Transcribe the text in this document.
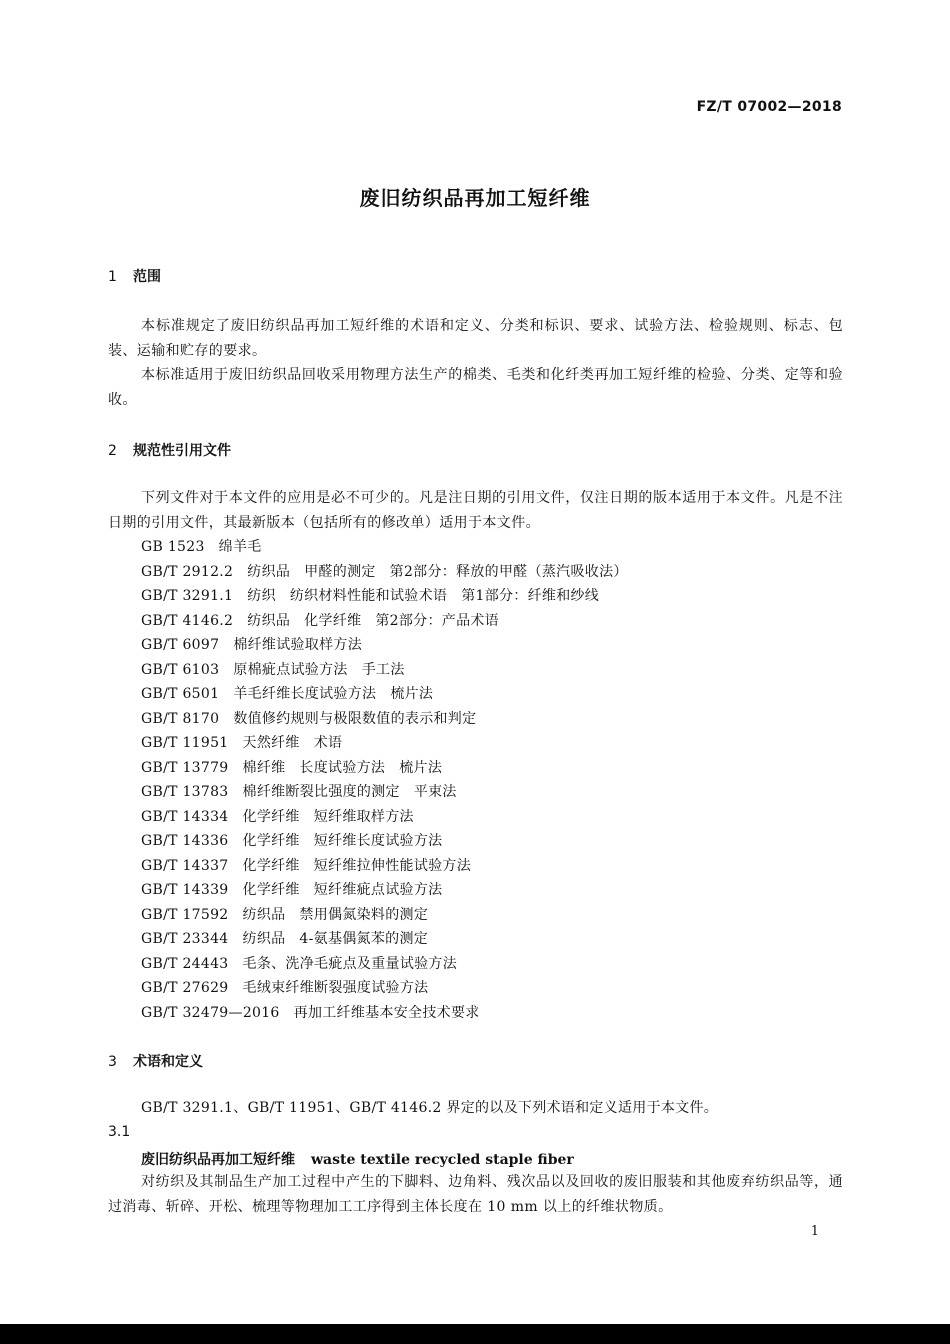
FZ/T 07002—2018
废旧纺织品再加工短纤维
1 范围
本标准规定了废旧纺织品再加工短纤维的术语和定义、分类和标识、要求、试验方法、检验规则、标志、包装、运输和贮存的要求。
本标准适用于废旧纺织品回收采用物理方法生产的棉类、毛类和化纤类再加工短纤维的检验、分类、定等和验收。
2 规范性引用文件
下列文件对于本文件的应用是必不可少的。凡是注日期的引用文件，仅注日期的版本适用于本文件。凡是不注日期的引用文件，其最新版本（包括所有的修改单）适用于本文件。
GB 1523 绵羊毛
GB/T 2912.2 纺织品 甲醛的测定 第2部分：释放的甲醛（蒸汽吸收法）
GB/T 3291.1 纺织 纺织材料性能和试验术语 第1部分：纤维和纱线
GB/T 4146.2 纺织品 化学纤维 第2部分：产品术语
GB/T 6097 棉纤维试验取样方法
GB/T 6103 原棉疵点试验方法 手工法
GB/T 6501 羊毛纤维长度试验方法 梳片法
GB/T 8170 数值修约规则与极限数值的表示和判定
GB/T 11951 天然纤维 术语
GB/T 13779 棉纤维 长度试验方法 梳片法
GB/T 13783 棉纤维断裂比强度的测定 平束法
GB/T 14334 化学纤维 短纤维取样方法
GB/T 14336 化学纤维 短纤维长度试验方法
GB/T 14337 化学纤维 短纤维拉伸性能试验方法
GB/T 14339 化学纤维 短纤维疵点试验方法
GB/T 17592 纺织品 禁用偶氮染料的测定
GB/T 23344 纺织品 4-氨基偶氮苯的测定
GB/T 24443 毛条、洗净毛疵点及重量试验方法
GB/T 27629 毛绒束纤维断裂强度试验方法
GB/T 32479—2016 再加工纤维基本安全技术要求
3 术语和定义
GB/T 3291.1、GB/T 11951、GB/T 4146.2 界定的以及下列术语和定义适用于本文件。
3.1
废旧纺织品再加工短纤维 waste textile recycled staple fiber
对纺织及其制品生产加工过程中产生的下脚料、边角料、残次品以及回收的废旧服装和其他废弃纺织品等，通过消毒、斩碎、开松、梳理等物理加工工序得到主体长度在 10 mm 以上的纤维状物质。
1
